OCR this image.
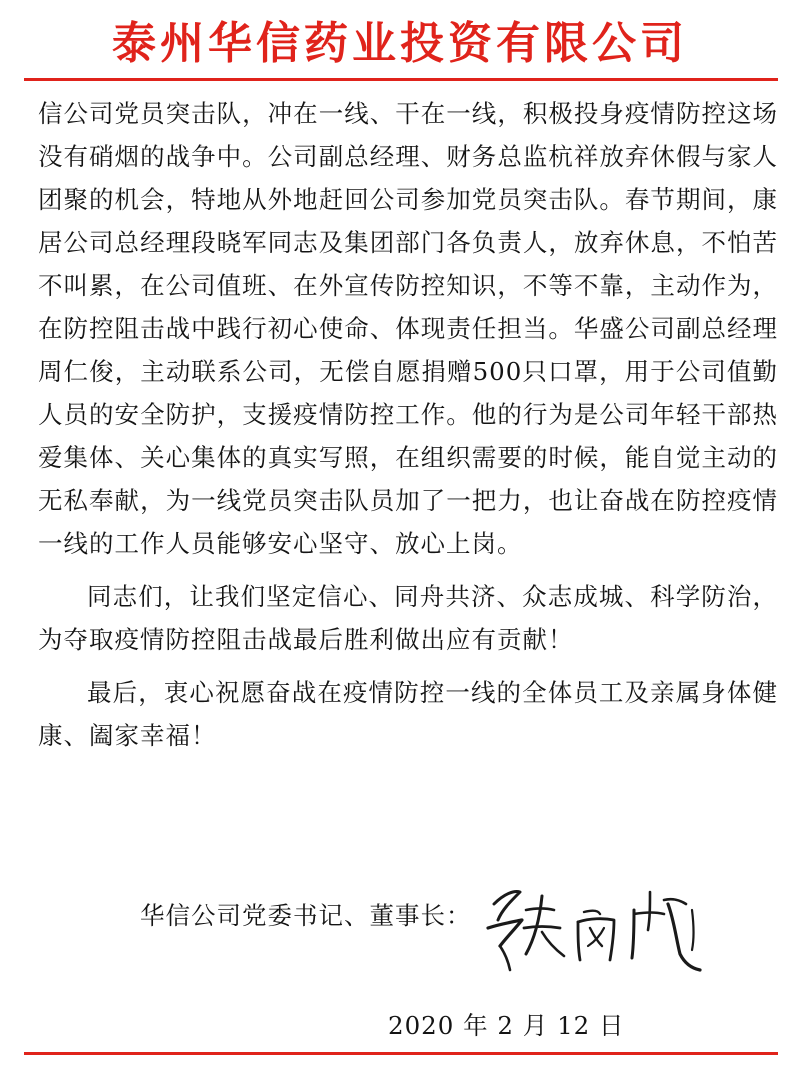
泰州华信药业投资有限公司

信公司党员突击队，冲在一线、干在一线，积极投身疫情防控这场没有硝烟的战争中。公司副总经理、财务总监杭祥放弃休假与家人团聚的机会，特地从外地赶回公司参加党员突击队。春节期间，康居公司总经理段晓军同志及集团部门各负责人，放弃休息，不怕苦不叫累，在公司值班、在外宣传防控知识，不等不靠，主动作为，在防控阻击战中践行初心使命、体现责任担当。华盛公司副总经理周仁俊，主动联系公司，无偿自愿捐赠500只口罩，用于公司值勤人员的安全防护，支援疫情防控工作。他的行为是公司年轻干部热爱集体、关心集体的真实写照，在组织需要的时候，能自觉主动的无私奉献，为一线党员突击队员加了一把力，也让奋战在防控疫情一线的工作人员能够安心坚守、放心上岗。

同志们，让我们坚定信心、同舟共济、众志成城、科学防治，为夺取疫情防控阻击战最后胜利做出应有贡献！

最后，衷心祝愿奋战在疫情防控一线的全体员工及亲属身体健康、阖家幸福！

华信公司党委书记、董事长：
2020 年 2 月 12 日
